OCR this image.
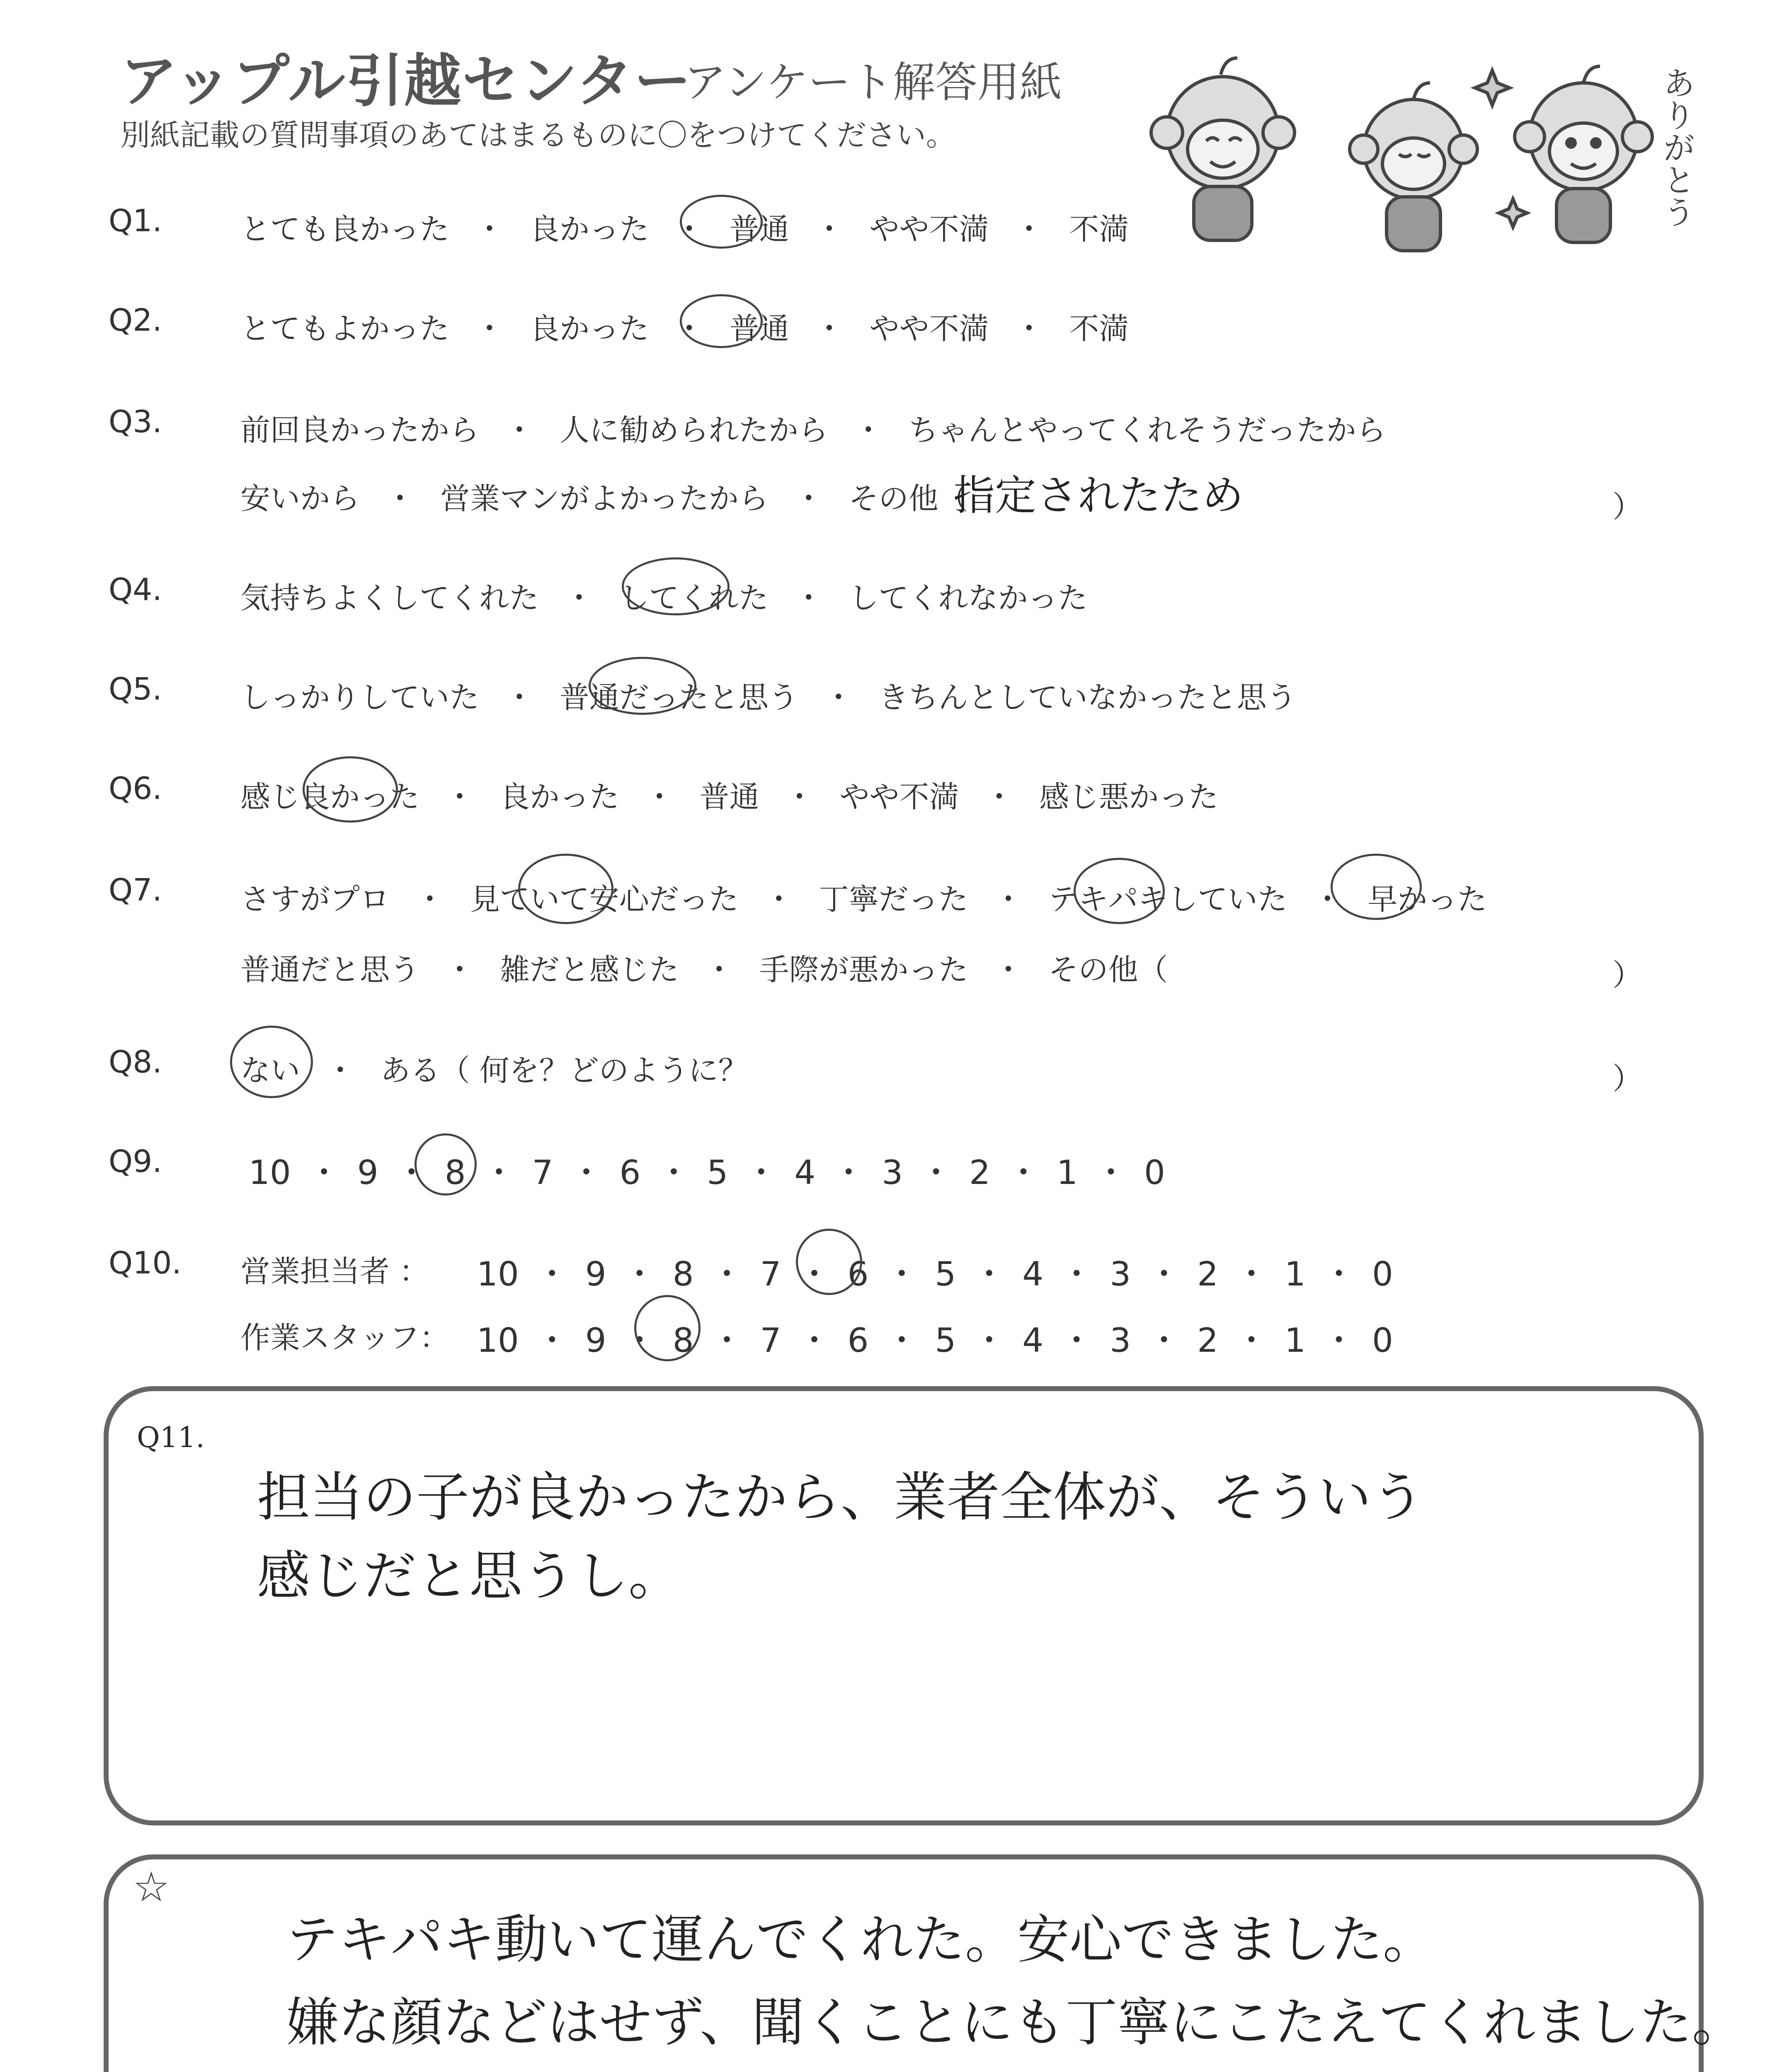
アップル引越センター
アンケート解答用紙
別紙記載の質問事項のあてはまるものに〇をつけてください。	ありがとう
Q1.	とても良かった ・ 良かった ・ 普通 ・ やや不満 ・ 不満
Q2.	とてもよかった ・ 良かった ・ 普通 ・ やや不満 ・ 不満
Q3.	前回良かったから ・ 人に勧められたから ・ ちゃんとやってくれそうだったから
安いから ・ 営業マンがよかったから ・ その他（
指定されたため	）
Q4.	気持ちよくしてくれた ・ してくれた ・ してくれなかった
Q5.	しっかりしていた ・ 普通だったと思う ・ きちんとしていなかったと思う
Q6.	感じ良かった ・ 良かった ・ 普通 ・ やや不満 ・ 感じ悪かった
Q7.	さすがプロ ・ 見ていて安心だった ・ 丁寧だった ・ テキパキしていた ・ 早かった
普通だと思う ・ 雑だと感じた ・ 手際が悪かった ・ その他（	）
Q8.	ない ・ ある（ 何を？どのように？	）
Q9.	10 ・ 9 ・ 8 ・ 7 ・ 6 ・ 5 ・ 4 ・ 3 ・ 2 ・ 1 ・ 0
Q10. 営業担当者 ： 10 ・ 9 ・ 8 ・ 7 ・ 6 ・ 5 ・ 4 ・ 3 ・ 2 ・ 1 ・ 0
作業スタッフ： 10 ・ 9 ・ 8 ・ 7 ・ 6 ・ 5 ・ 4 ・ 3 ・ 2 ・ 1 ・ 0
Q11.
担当の子が良かったから、業者全体が、そういう
感じだと思うし。
☆
テキパキ動いて運んでくれた。安心できました。
嫌な顔などはせず、聞くことにも丁寧にこたえてくれました。
